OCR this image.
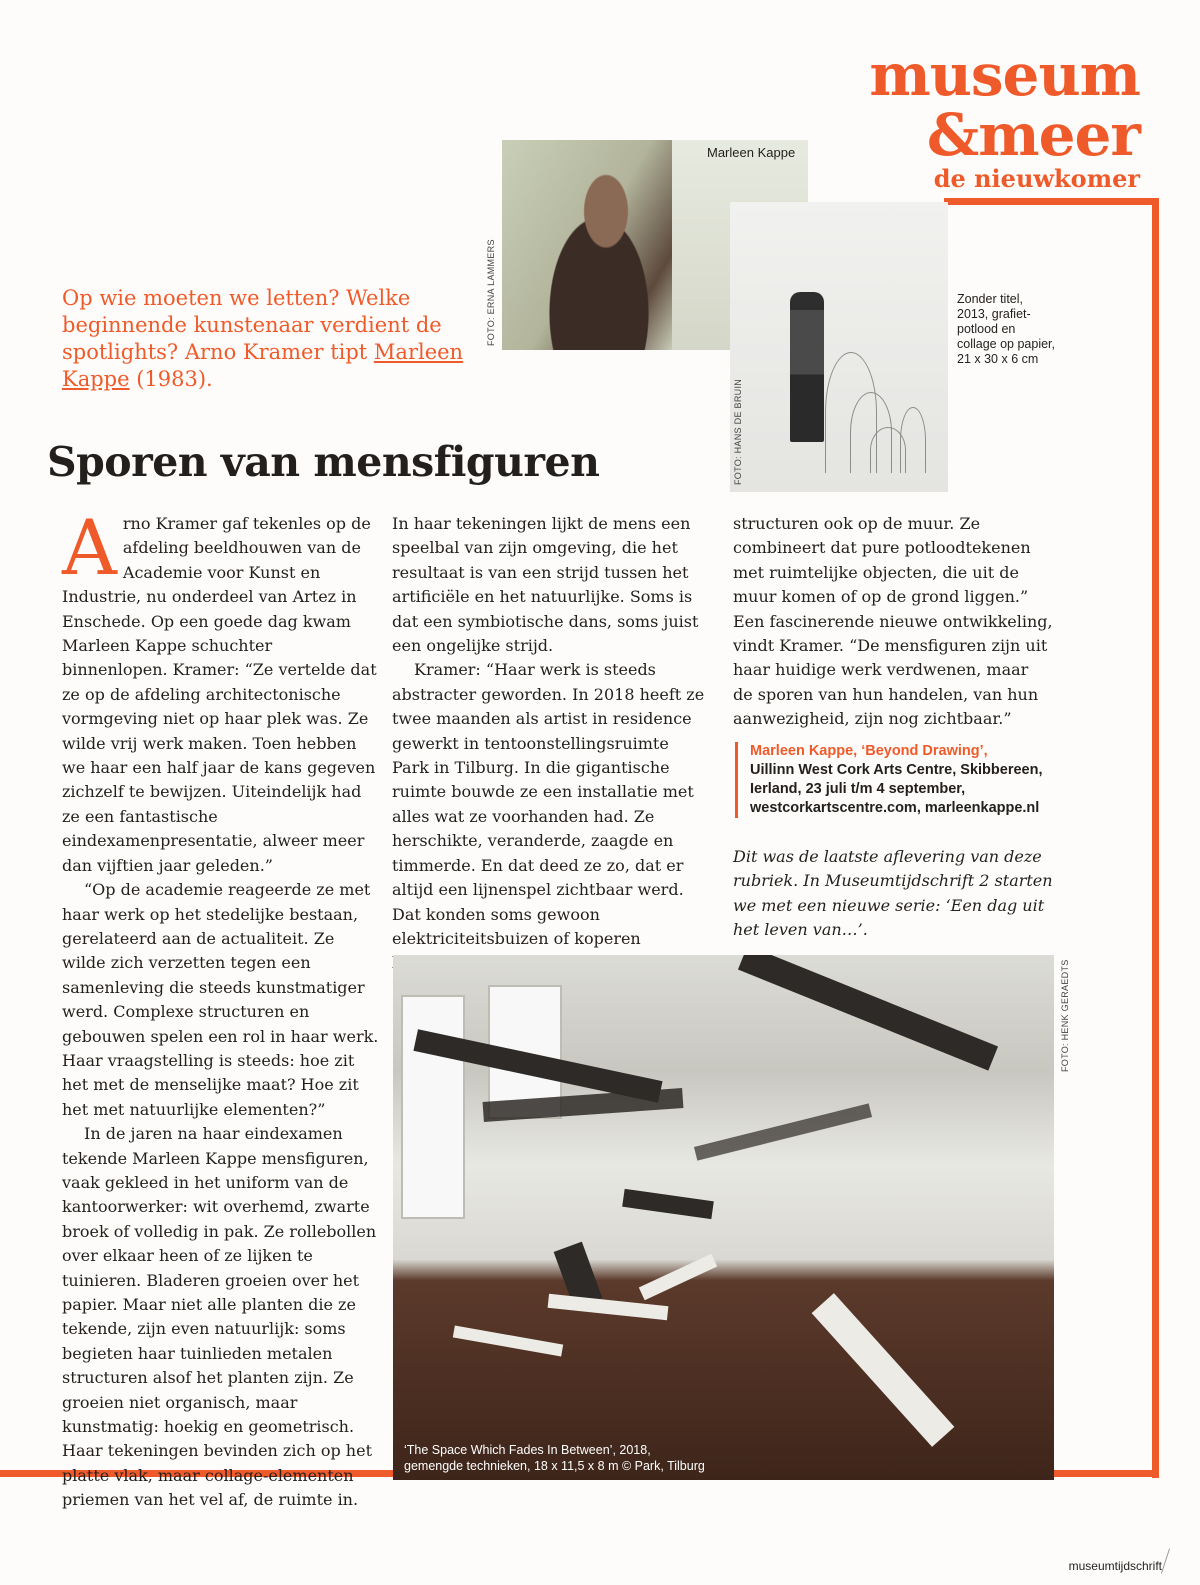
museum
&meer
de nieuwkomer
Marleen Kappe
FOTO: ERNA LAMMERS
FOTO: HANS DE BRUIN
Zonder titel, 2013, grafietpotlood en collage op papier, 21 x 30 x 6 cm
Op wie moeten we letten? Welke beginnende kunstenaar verdient de spotlights? Arno Kramer tipt Marleen Kappe (1983).
Sporen van mensfiguren

Arno Kramer gaf tekenles op de afdeling beeldhouwen van de Academie voor Kunst en Industrie, nu onderdeel van Artez in Enschede. Op een goede dag kwam Marleen Kappe schuchter binnenlopen. Kramer: “Ze vertelde dat ze op de afdeling architectonische vormgeving niet op haar plek was. Ze wilde vrij werk maken. Toen hebben we haar een half jaar de kans gegeven zichzelf te bewijzen. Uiteindelijk had ze een fantastische eindexamenpresentatie, alweer meer dan vijftien jaar geleden.”

“Op de academie reageerde ze met haar werk op het stedelijke bestaan, gerelateerd aan de actualiteit. Ze wilde zich verzetten tegen een samenleving die steeds kunstmatiger werd. Complexe structuren en gebouwen spelen een rol in haar werk. Haar vraagstelling is steeds: hoe zit het met de menselijke maat? Hoe zit het met natuurlijke elementen?”

In de jaren na haar eindexamen tekende Marleen Kappe mensfiguren, vaak gekleed in het uniform van de kantoorwerker: wit overhemd, zwarte broek of volledig in pak. Ze rollebollen over elkaar heen of ze lijken te tuinieren. Bladeren groeien over het papier. Maar niet alle planten die ze tekende, zijn even natuurlijk: soms begieten haar tuinlieden metalen structuren alsof het planten zijn. Ze groeien niet organisch, maar kunstmatig: hoekig en geometrisch. Haar tekeningen bevinden zich op het platte vlak, maar collage-elementen priemen van het vel af, de ruimte in.

In haar tekeningen lijkt de mens een speelbal van zijn omgeving, die het resultaat is van een strijd tussen het artificiële en het natuurlijke. Soms is dat een symbiotische dans, soms juist een ongelijke strijd.

Kramer: “Haar werk is steeds abstracter geworden. In 2018 heeft ze twee maanden als artist in residence gewerkt in tentoonstellingsruimte Park in Tilburg. In die gigantische ruimte bouwde ze een installatie met alles wat ze voorhanden had. Ze herschikte, veranderde, zaagde en timmerde. En dat deed ze zo, dat er altijd een lijnenspel zichtbaar werd. Dat konden soms gewoon elektriciteitsbuizen of koperen

structuren ook op de muur. Ze combineert dat pure potloodtekenen met ruimtelijke objecten, die uit de muur komen of op de grond liggen.” Een fascinerende nieuwe ontwikkeling, vindt Kramer. “De mensfiguren zijn uit haar huidige werk verdwenen, maar de sporen van hun handelen, van hun aanwezigheid, zijn nog zichtbaar.”

Marleen Kappe, ‘Beyond Drawing’,
Uillinn West Cork Arts Centre, Skibbereen, Ierland, 23 juli t/m 4 september, westcorkartscentre.com, marleenkappe.nl
Dit was de laatste aflevering van deze rubriek. In Museumtijdschrift 2 starten we met een nieuwe serie: ‘Een dag uit het leven van…’.
FOTO: HENK GERAEDTS
‘The Space Which Fades In Between’, 2018,
gemengde technieken, 18 x 11,5 x 8 m © Park, Tilburg
museumtijdschrift
